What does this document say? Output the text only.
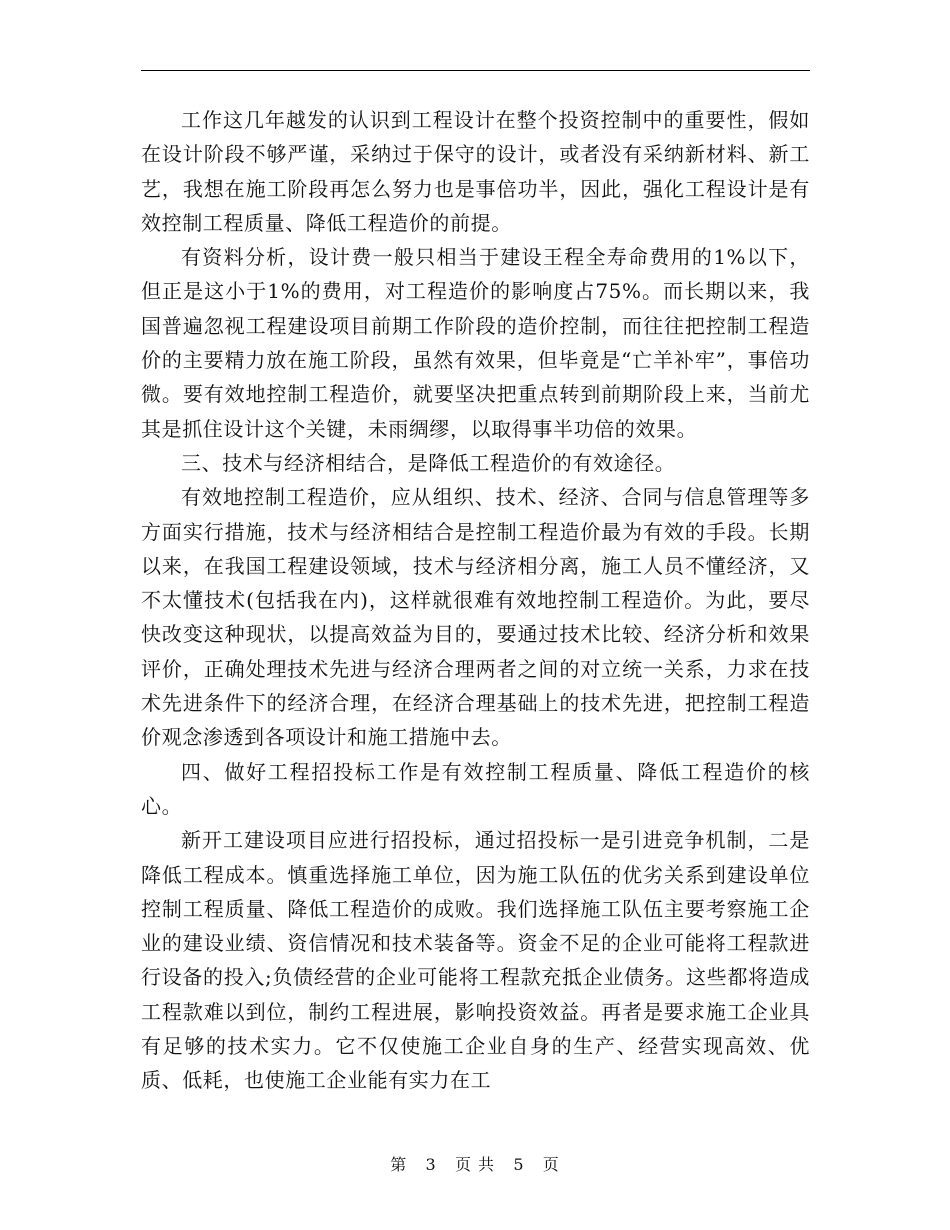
工作这几年越发的认识到工程设计在整个投资控制中的重要性，假如在设计阶段不够严谨，采纳过于保守的设计，或者没有采纳新材料、新工艺，我想在施工阶段再怎么努力也是事倍功半，因此，强化工程设计是有效控制工程质量、降低工程造价的前提。

有资料分析，设计费一般只相当于建设王程全寿命费用的1%以下，但正是这小于1%的费用，对工程造价的影响度占75%。而长期以来，我国普遍忽视工程建设项目前期工作阶段的造价控制，而往往把控制工程造价的主要精力放在施工阶段，虽然有效果，但毕竟是“亡羊补牢”，事倍功微。要有效地控制工程造价，就要坚决把重点转到前期阶段上来，当前尤其是抓住设计这个关键，未雨绸缪，以取得事半功倍的效果。

三、技术与经济相结合，是降低工程造价的有效途径。

有效地控制工程造价，应从组织、技术、经济、合同与信息管理等多方面实行措施，技术与经济相结合是控制工程造价最为有效的手段。长期以来，在我国工程建设领域，技术与经济相分离，施工人员不懂经济，又不太懂技术(包括我在内)，这样就很难有效地控制工程造价。为此，要尽快改变这种现状，以提高效益为目的，要通过技术比较、经济分析和效果评价，正确处理技术先进与经济合理两者之间的对立统一关系，力求在技术先进条件下的经济合理，在经济合理基础上的技术先进，把控制工程造价观念渗透到各项设计和施工措施中去。

四、做好工程招投标工作是有效控制工程质量、降低工程造价的核心。

新开工建设项目应进行招投标，通过招投标一是引进竞争机制，二是降低工程成本。慎重选择施工单位，因为施工队伍的优劣关系到建设单位控制工程质量、降低工程造价的成败。我们选择施工队伍主要考察施工企业的建设业绩、资信情况和技术装备等。资金不足的企业可能将工程款进行设备的投入;负债经营的企业可能将工程款充抵企业债务。这些都将造成工程款难以到位，制约工程进展，影响投资效益。再者是要求施工企业具有足够的技术实力。它不仅使施工企业自身的生产、经营实现高效、优质、低耗，也使施工企业能有实力在工

第 3 页 共 5 页
